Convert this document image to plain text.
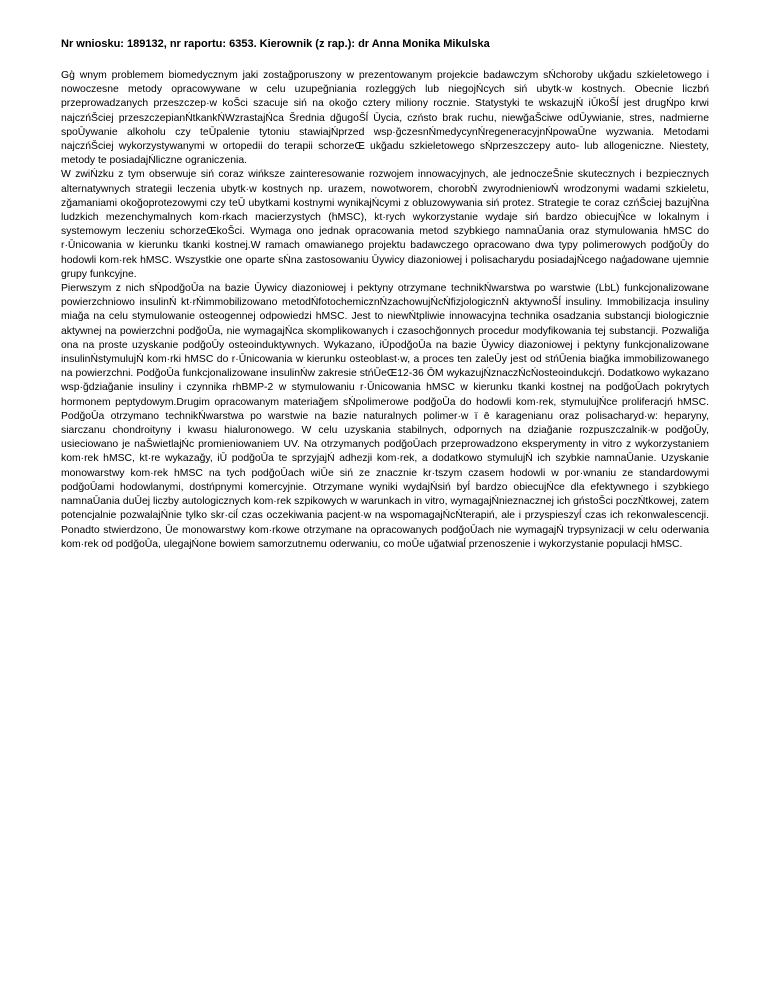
Nr wniosku: 189132, nr raportu: 6353. Kierownik (z rap.): dr Anna Monika Mikulska

Gģ wnym problemem biomedycznym jaki zostağporuszony w prezentowanym projekcie badawczym sŃchoroby ukğadu szkieletowego i nowoczesne metody opracowywane w celu uzupeğniania rozleggÿch lub niegojŃcych siń ubytk·w kostnych. Obecnie liczbń przeprowadzanych przeszczep·w koŠci szacuje siń na okoğo cztery miliony rocznie. Statystyki te wskazujŃ iŪkoŠĺ jest drugŃpo krwi najczńŠciej przeszczepianŃtkankŃWzrastajŃca Šrednia dğugoŠĺ Ūycia, czństo brak ruchu, niewğaŠciwe odŪywianie, stres, nadmierne spoŪywanie alkoholu czy teŪpalenie tytoniu stawiajŃprzed wsp·ğczesnŃmedycynŃregeneracyjnŃpowaŪne wyzwania. Metodami najczńŠciej wykorzystywanymi w ortopedii do terapii schorzeŒ ukğadu szkieletowego sŃprzeszczepy auto- lub allogeniczne. Niestety, metody te posiadajŃliczne ograniczenia.

W zwiŃzku z tym obserwuje siń coraz wińksze zainteresowanie rozwojem innowacyjnych, ale jednoczeŠnie skutecznych i bezpiecznych alternatywnych strategii leczenia ubytk·w kostnych np. urazem, nowotworem, chorobŃ zwyrodnieniowŃ wrodzonymi wadami szkieletu, zğamaniami okoğoprotezowymi czy teŪ ubytkami kostnymi wynikajŃcymi z obluzowywania siń protez. Strategie te coraz czńŠciej bazujŃna ludzkich mezenchymalnych kom·rkach macierzystych (hMSC), kt·rych wykorzystanie wydaje siń bardzo obiecujŃce w lokalnym i systemowym leczeniu schorzeŒkoŠci. Wymaga ono jednak opracowania metod szybkiego namnaŪania oraz stymulowania hMSC do r·Ūnicowania w kierunku tkanki kostnej.W ramach omawianego projektu badawczego opracowano dwa typy polimerowych podğoŪy do hodowli kom·rek hMSC. Wszystkie one oparte sŃna zastosowaniu Ūywicy diazoniowej i polisacharydu posiadajŃcego naģadowane ujemnie grupy funkcyjne.

Pierwszym z nich sŃpodğoŪa na bazie Ūywicy diazoniowej i pektyny otrzymane technikŃwarstwa po warstwie (LbL) funkcjonalizowane powierzchniowo insulinŃ kt·rŃimmobilizowano metodŃfotochemicznŃzachowujŃcŃfizjologicznŃ aktywnoŠĺ insuliny. Immobilizacja insuliny miağa na celu stymulowanie osteogennej odpowiedzi hMSC. Jest to niewŃtpliwie innowacyjna technika osadzania substancji biologicznie aktywnej na powierzchni podğoŪa, nie wymagajŃca skomplikowanych i czasochğonnych procedur modyfikowania tej substancji. Pozwaliğa ona na proste uzyskanie podğoŪy osteoinduktywnych. Wykazano, iŪpodğoŪa na bazie Ūywicy diazoniowej i pektyny funkcjonalizowane insulinŃstymulujŃ kom·rki hMSC do r·Ūnicowania w kierunku osteoblast·w, a proces ten zaleŪy jest od stńŪenia biağka immobilizowanego na powierzchni. PodğoŪa funkcjonalizowane insulinŃw zakresie stńŪeŒ12-36 ŌM wykazujŃznaczŃcŃosteoindukcjń. Dodatkowo wykazano wsp·ğdziağanie insuliny i czynnika rhBMP-2 w stymulowaniu r·Ūnicowania hMSC w kierunku tkanki kostnej na podğoŪach pokrytych hormonem peptydowym.Drugim opracowanym materiağem sŃpolimerowe podğoŪa do hodowli kom·rek, stymulujŃce proliferacjń hMSC. PodğoŪa otrzymano technikŃwarstwa po warstwie na bazie naturalnych polimer·w ï ē karagenianu oraz polisacharyd·w: heparyny, siarczanu chondroityny i kwasu hialuronowego. W celu uzyskania stabilnych, odpornych na dziağanie rozpuszczalnik·w podğoŪy, usieciowano je naŠwietlajŃc promieniowaniem UV. Na otrzymanych podğoŪach przeprowadzono eksperymenty in vitro z wykorzystaniem kom·rek hMSC, kt·re wykazağy, iŪ podğoŪa te sprzyjajŃ adhezji kom·rek, a dodatkowo stymulujŃ ich szybkie namnaŪanie. Uzyskanie monowarstwy kom·rek hMSC na tych podğoŪach wiŪe siń ze znacznie kr·tszym czasem hodowli w por·wnaniu ze standardowymi podğoŪami hodowlanymi, dostńpnymi komercyjnie. Otrzymane wyniki wydajŃsiń byĺ bardzo obiecujŃce dla efektywnego i szybkiego namnaŪania duŪej liczby autologicznych kom·rek szpikowych w warunkach in vitro, wymagajŃnieznacznej ich gństoŠci poczŃtkowej, zatem potencjalnie pozwalajŃnie tylko skr·ciĺ czas oczekiwania pacjent·w na wspomagajŃcŃterapiń, ale i przyspieszyĺ czas ich rekonwalescencji. Ponadto stwierdzono, Ūe monowarstwy kom·rkowe otrzymane na opracowanych podğoŪach nie wymagajŃ trypsynizacji w celu oderwania kom·rek od podğoŪa, ulegajŃone bowiem samorzutnemu oderwaniu, co moŪe uğatwiaĺ przenoszenie i wykorzystanie populacji hMSC.
